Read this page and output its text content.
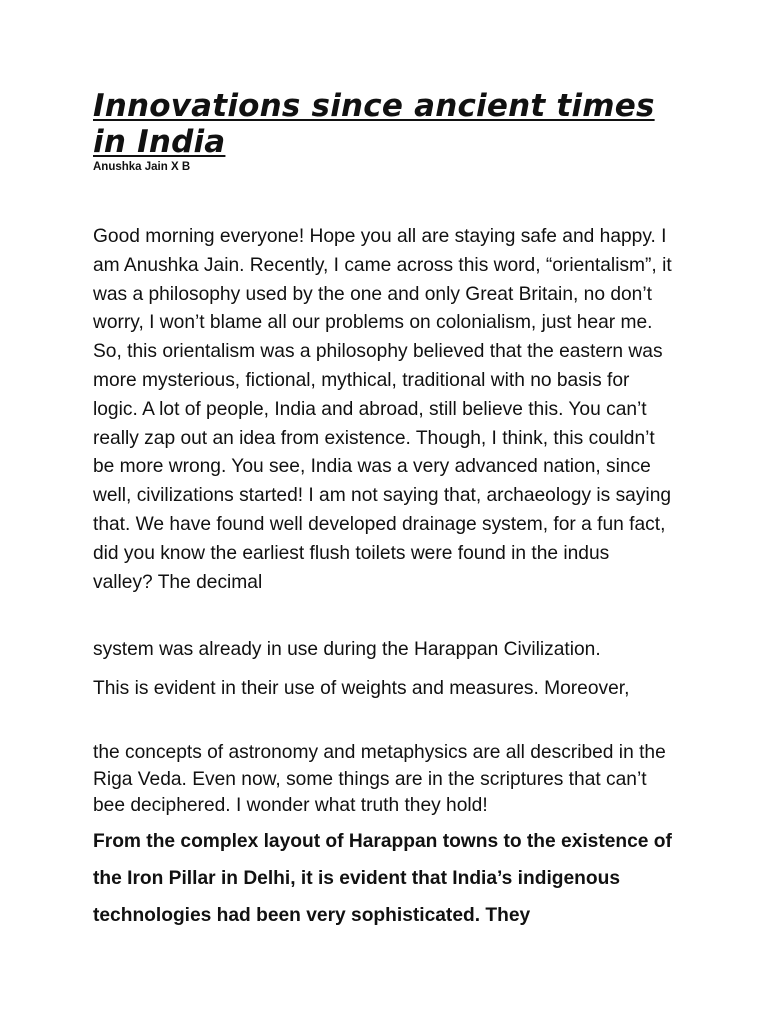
Innovations since ancient times in India
Anushka Jain X B

Good morning everyone! Hope you all are staying safe and happy. I am Anushka Jain. Recently, I came across this word, “orientalism”, it was a philosophy used by the one and only Great Britain, no don’t worry, I won’t blame all our problems on colonialism, just hear me. So, this orientalism was a philosophy believed that the eastern was more mysterious, fictional, mythical, traditional with no basis for logic. A lot of people, India and abroad, still believe this. You can’t really zap out an idea from existence. Though, I think, this couldn’t be more wrong. You see, India was a very advanced nation, since well, civilizations started! I am not saying that, archaeology is saying that. We have found well developed drainage system, for a fun fact, did you know the earliest flush toilets were found in the indus valley? The decimal

system was already in use during the Harappan Civilization.

This is evident in their use of weights and measures. Moreover,

the concepts of astronomy and metaphysics are all described in the Riga Veda. Even now, some things are in the scriptures that can’t bee deciphered. I wonder what truth they hold!

From the complex layout of Harappan towns to the existence of the Iron Pillar in Delhi, it is evident that India’s indigenous technologies had been very sophisticated. They
